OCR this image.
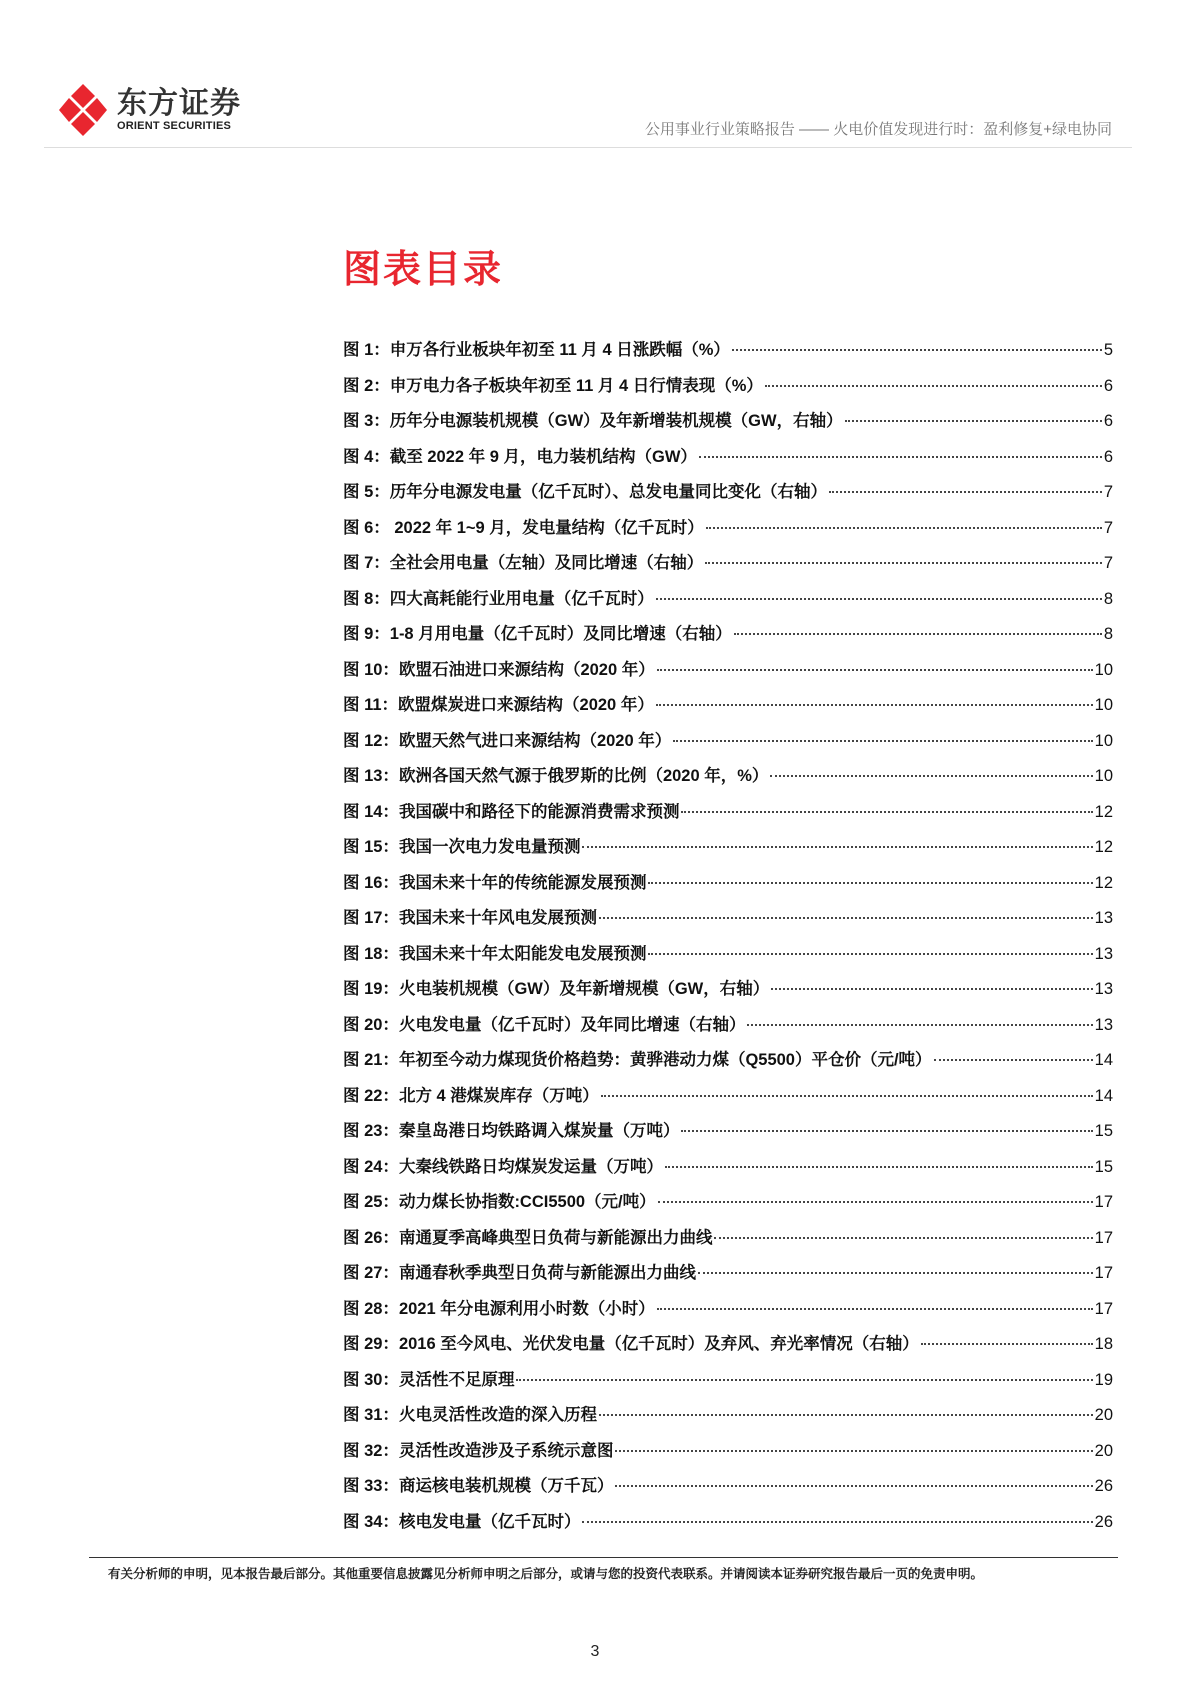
东方证券
ORIENT SECURITIES	公用事业行业策略报告 —— 火电价值发现进行时：盈利修复+绿电协同
图表目录
图 1：申万各行业板块年初至 11 月 4 日涨跌幅（%）	5
图 2：申万电力各子板块年初至 11 月 4 日行情表现（%）	6
图 3：历年分电源装机规模（GW）及年新增装机规模（GW，右轴）	6
图 4：截至 2022 年 9 月，电力装机结构（GW）	6
图 5：历年分电源发电量（亿千瓦时）、总发电量同比变化（右轴）	7
图 6： 2022 年 1~9 月，发电量结构（亿千瓦时）	7
图 7：全社会用电量（左轴）及同比增速（右轴）	7
图 8：四大高耗能行业用电量（亿千瓦时）	8
图 9：1-8 月用电量（亿千瓦时）及同比增速（右轴）	8
图 10：欧盟石油进口来源结构（2020 年）	10
图 11：欧盟煤炭进口来源结构（2020 年）	10
图 12：欧盟天然气进口来源结构（2020 年）	10
图 13：欧洲各国天然气源于俄罗斯的比例（2020 年，%）	10
图 14：我国碳中和路径下的能源消费需求预测	12
图 15：我国一次电力发电量预测	12
图 16：我国未来十年的传统能源发展预测	12
图 17：我国未来十年风电发展预测	13
图 18：我国未来十年太阳能发电发展预测	13
图 19：火电装机规模（GW）及年新增规模（GW，右轴）	13
图 20：火电发电量（亿千瓦时）及年同比增速（右轴）	13
图 21：年初至今动力煤现货价格趋势：黄骅港动力煤（Q5500）平仓价（元/吨）	14
图 22：北方 4 港煤炭库存（万吨）	14
图 23：秦皇岛港日均铁路调入煤炭量（万吨）	15
图 24：大秦线铁路日均煤炭发运量（万吨）	15
图 25：动力煤长协指数:CCI5500（元/吨）	17
图 26：南通夏季高峰典型日负荷与新能源出力曲线	17
图 27：南通春秋季典型日负荷与新能源出力曲线	17
图 28：2021 年分电源利用小时数（小时）	17
图 29：2016 至今风电、光伏发电量（亿千瓦时）及弃风、弃光率情况（右轴）	18
图 30：灵活性不足原理	19
图 31：火电灵活性改造的深入历程	20
图 32：灵活性改造涉及子系统示意图	20
图 33：商运核电装机规模（万千瓦）	26
图 34：核电发电量（亿千瓦时）	26
有关分析师的申明，见本报告最后部分。其他重要信息披露见分析师申明之后部分，或请与您的投资代表联系。并请阅读本证券研究报告最后一页的免责申明。
3
